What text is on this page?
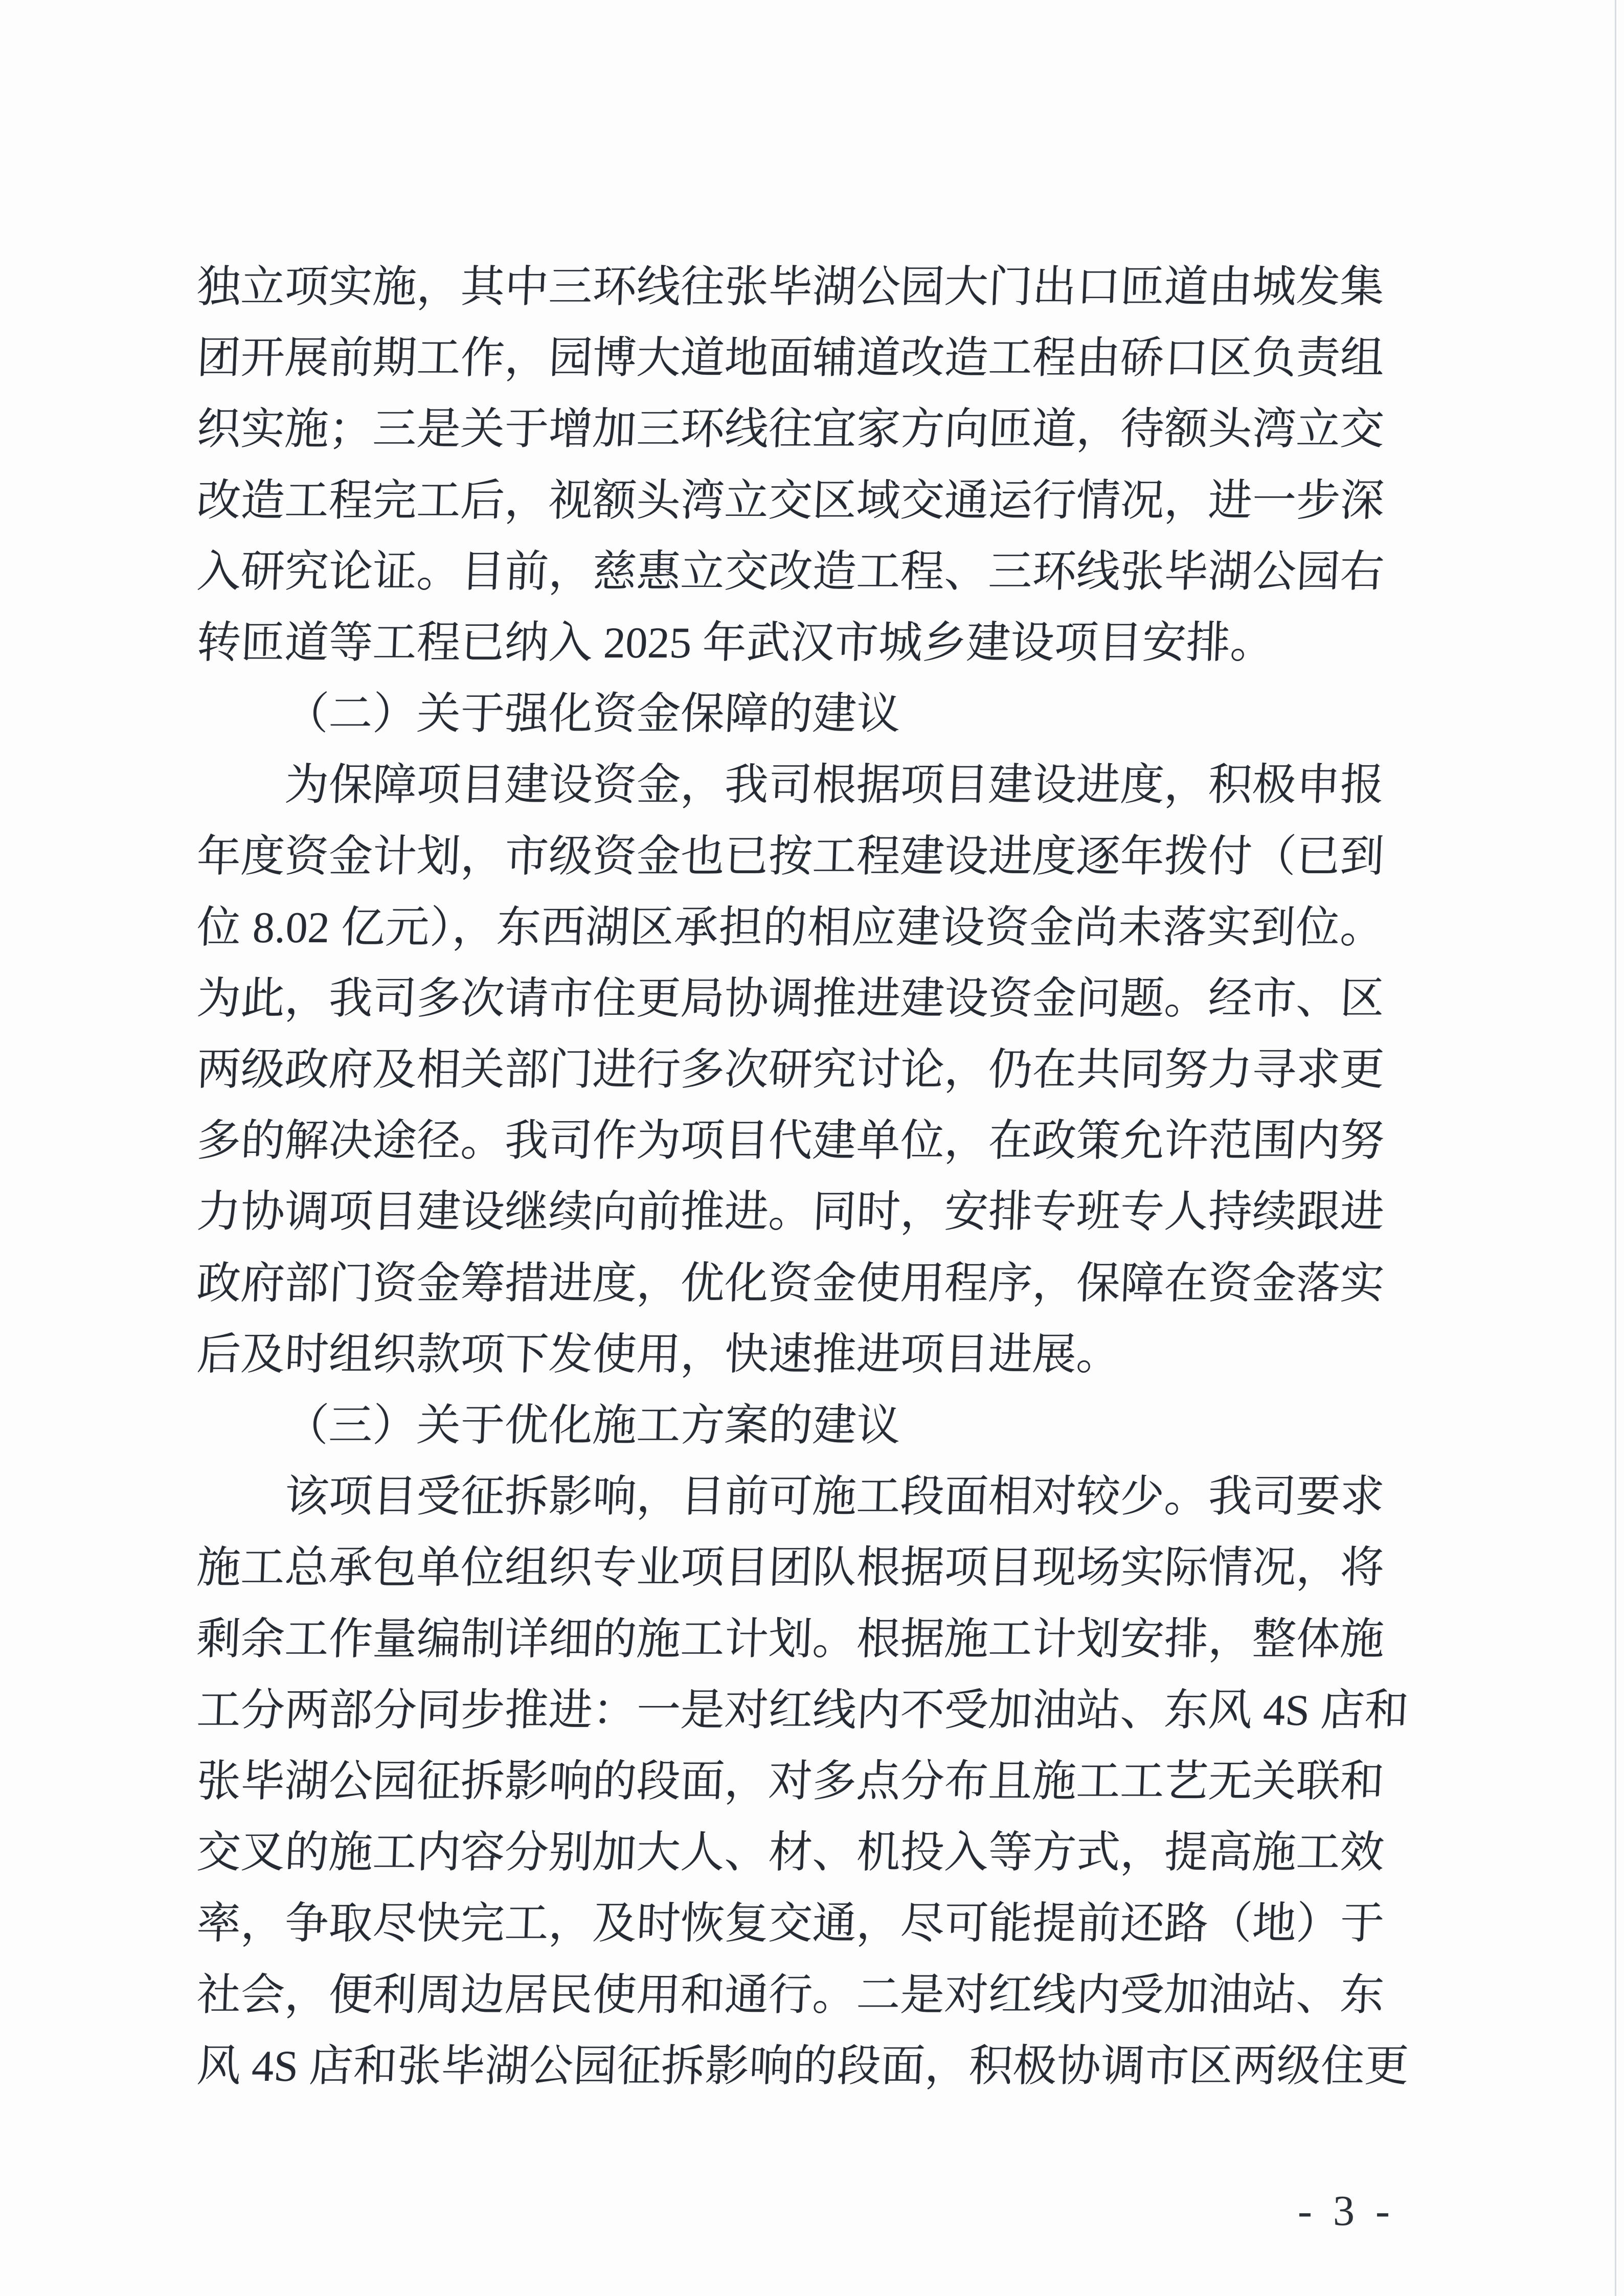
独立项实施，其中三环线往张毕湖公园大门出口匝道由城发集
团开展前期工作，园博大道地面辅道改造工程由硚口区负责组
织实施；三是关于增加三环线往宜家方向匝道，待额头湾立交
改造工程完工后，视额头湾立交区域交通运行情况，进一步深
入研究论证。目前，慈惠立交改造工程、三环线张毕湖公园右
转匝道等工程已纳入 2025 年武汉市城乡建设项目安排。
（二）关于强化资金保障的建议
为保障项目建设资金，我司根据项目建设进度，积极申报
年度资金计划，市级资金也已按工程建设进度逐年拨付（已到
位 8.02 亿元），东西湖区承担的相应建设资金尚未落实到位。
为此，我司多次请市住更局协调推进建设资金问题。经市、区
两级政府及相关部门进行多次研究讨论，仍在共同努力寻求更
多的解决途径。我司作为项目代建单位，在政策允许范围内努
力协调项目建设继续向前推进。同时，安排专班专人持续跟进
政府部门资金筹措进度，优化资金使用程序，保障在资金落实
后及时组织款项下发使用，快速推进项目进展。
（三）关于优化施工方案的建议
该项目受征拆影响，目前可施工段面相对较少。我司要求
施工总承包单位组织专业项目团队根据项目现场实际情况，将
剩余工作量编制详细的施工计划。根据施工计划安排，整体施
工分两部分同步推进：一是对红线内不受加油站、东风 4S 店和
张毕湖公园征拆影响的段面，对多点分布且施工工艺无关联和
交叉的施工内容分别加大人、材、机投入等方式，提高施工效
率，争取尽快完工，及时恢复交通，尽可能提前还路（地）于
社会，便利周边居民使用和通行。二是对红线内受加油站、东
风 4S 店和张毕湖公园征拆影响的段面，积极协调市区两级住更
- 3 -
